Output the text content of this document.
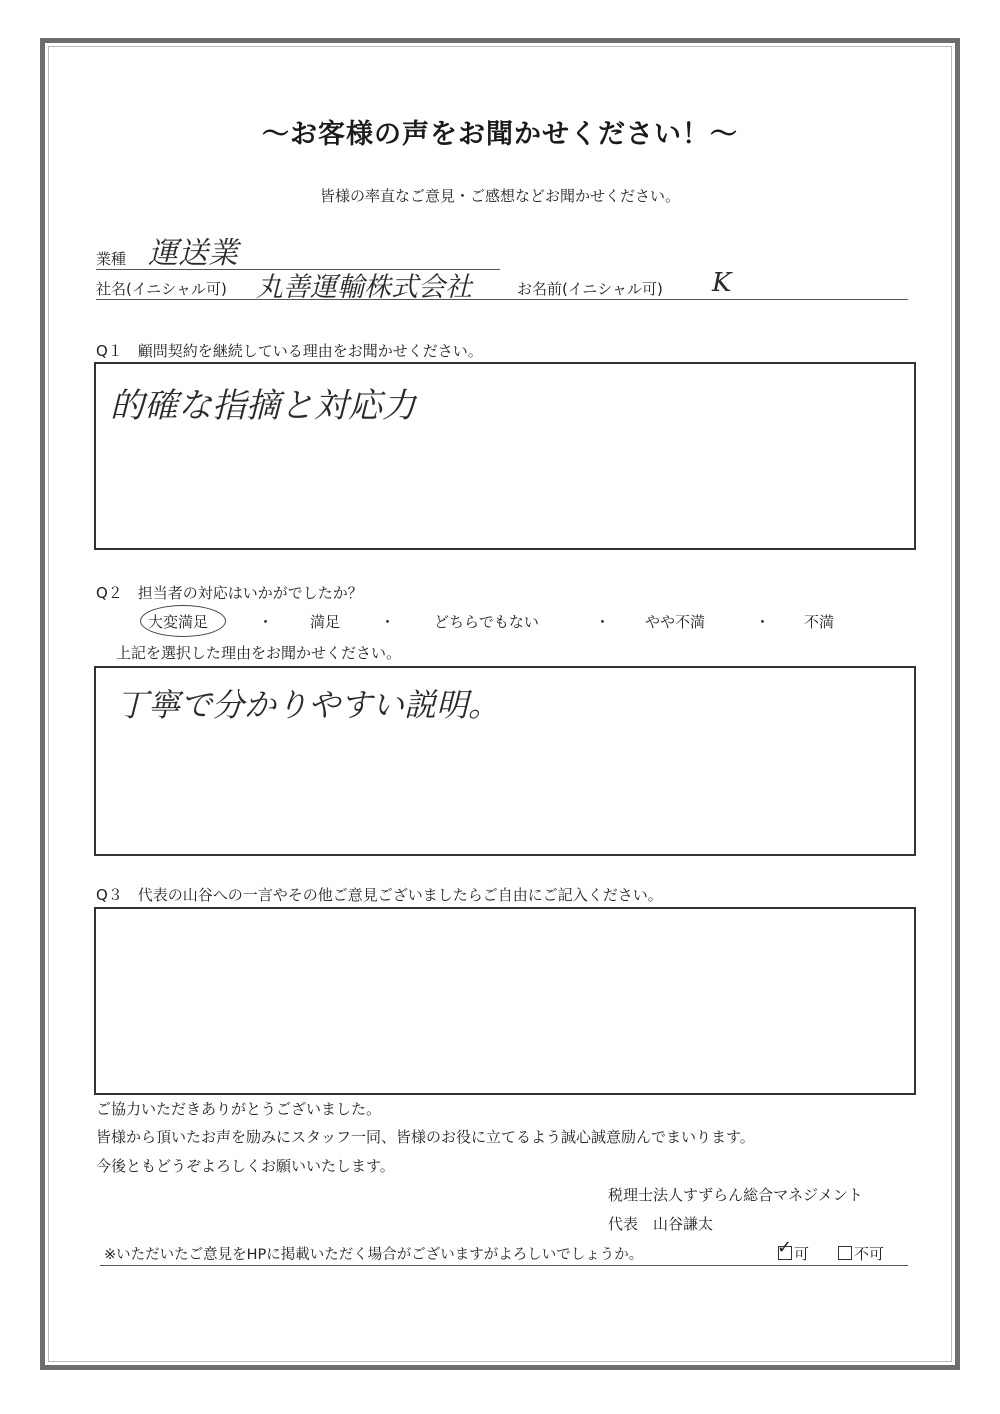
～お客様の声をお聞かせください！～
皆様の率直なご意見・ご感想などお聞かせください。
業種 運送業
社名(イニシャル可) 丸善運輸株式会社	お名前(イニシャル可) K
Q１　顧問契約を継続している理由をお聞かせください。
的確な指摘と対応力
Q２　担当者の対応はいかがでしたか？
大変満足	・ 満足	・	どちらでもない	・ やや不満	・ 不満
上記を選択した理由をお聞かせください。
丁寧で分かりやすい説明。
Q３　代表の山谷への一言やその他ご意見ございましたらご自由にご記入ください。
ご協力いただきありがとうございました。
皆様から頂いたお声を励みにスタッフ一同、皆様のお役に立てるよう誠心誠意励んでまいります。
今後ともどうぞよろしくお願いいたします。
税理士法人すずらん総合マネジメント
代表　山谷謙太
※いただいたご意見をHPに掲載いただく場合がございますがよろしいでしょうか。	✓ 可	不可
